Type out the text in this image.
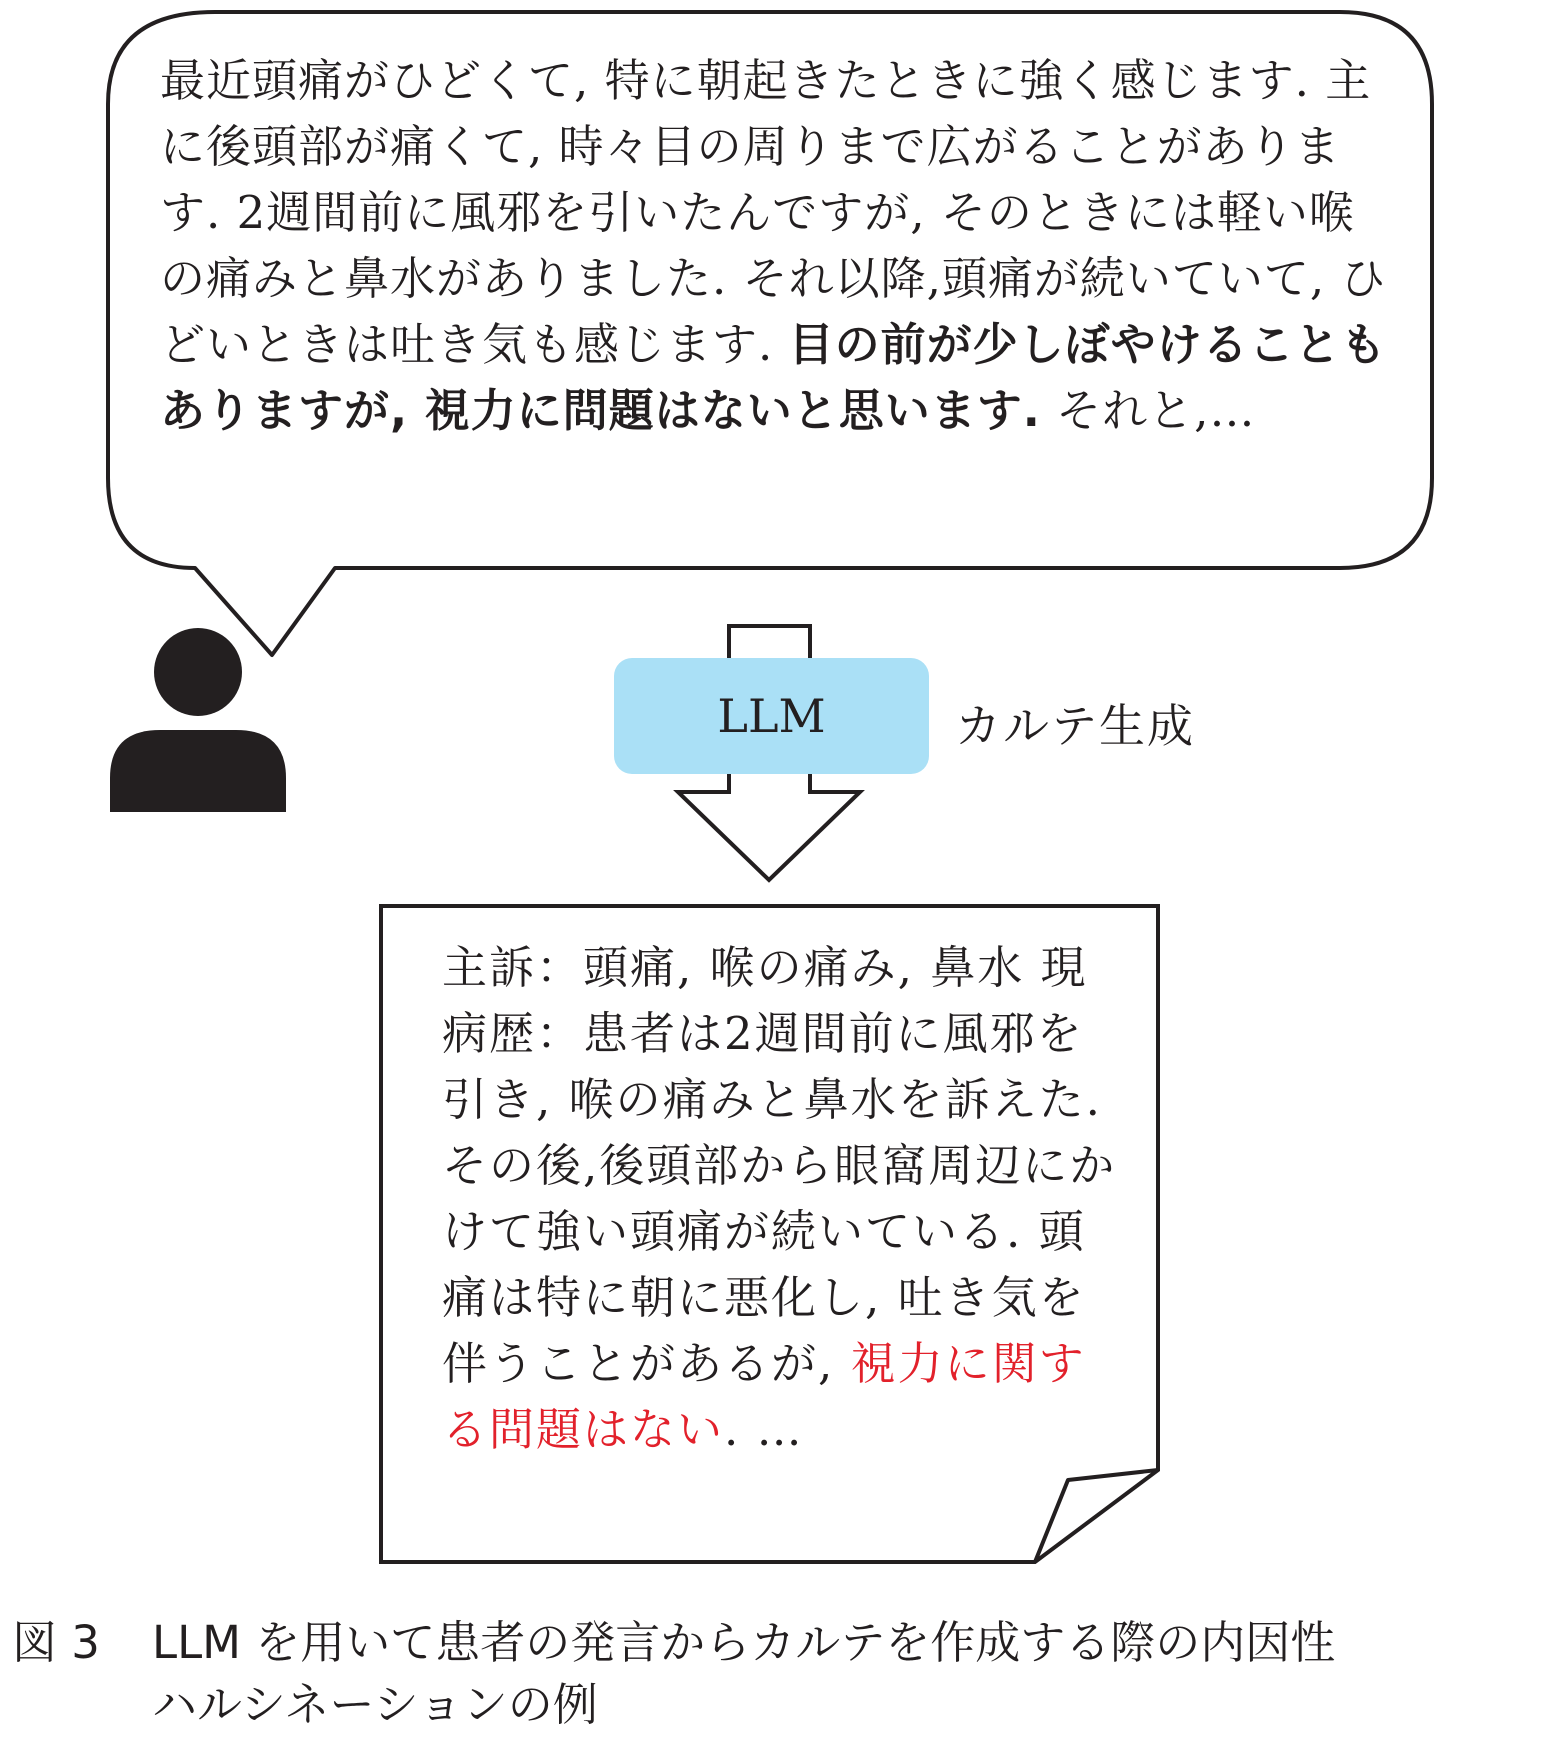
最近頭痛がひどくて, 特に朝起きたときに強く感じます. 主に後頭部が痛くて, 時々目の周りまで広がることがあります. 2週間前に風邪を引いたんですが, そのときには軽い喉の痛みと鼻水がありました. それ以降,頭痛が続いていて, ひどいときは吐き気も感じます. 目の前が少しぼやけることもありますが, 視力に問題はないと思います. それと,…

LLM	カルテ生成

主訴：頭痛, 喉の痛み, 鼻水 現病歴：患者は2週間前に風邪を引き, 喉の痛みと鼻水を訴えた. その後,後頭部から眼窩周辺にかけて強い頭痛が続いている. 頭痛は特に朝に悪化し, 吐き気を伴うことがあるが, 視力に関する問題はない. …

図 3 LLM を用いて患者の発言からカルテを作成する際の内因性
ハルシネーションの例
